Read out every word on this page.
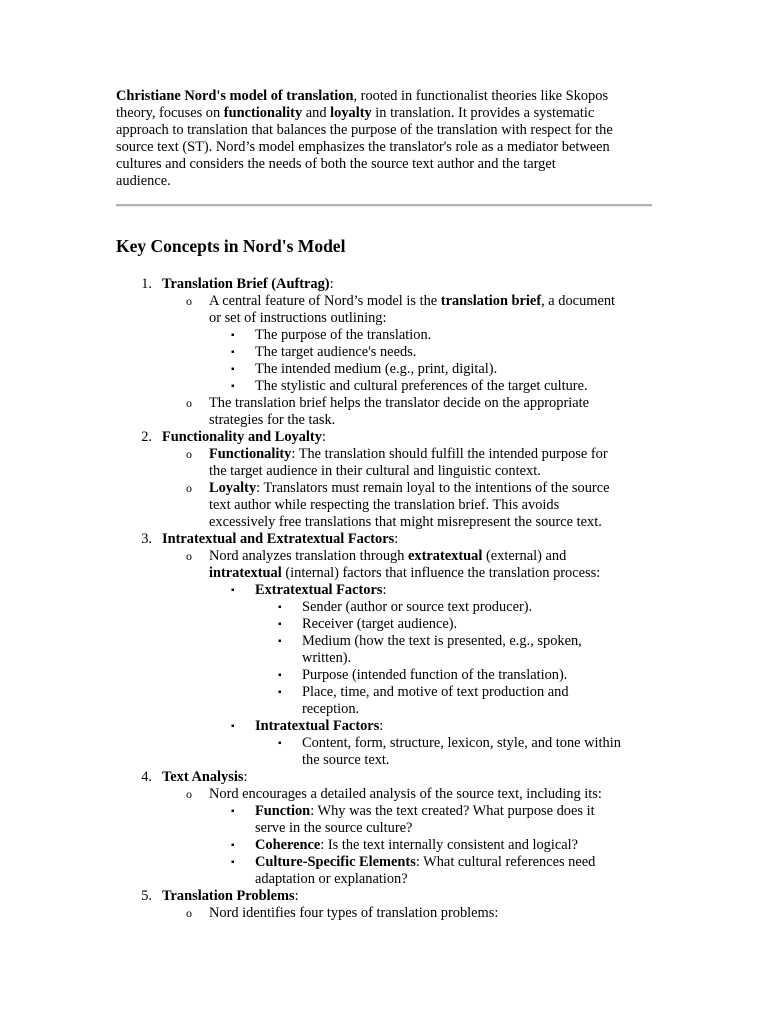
Christiane Nord's model of translation, rooted in functionalist theories like Skopos
theory, focuses on functionality and loyalty in translation. It provides a systematic
approach to translation that balances the purpose of the translation with respect for the
source text (ST). Nord’s model emphasizes the translator's role as a mediator between
cultures and considers the needs of both the source text author and the target
audience.
Key Concepts in Nord's Model
1. Translation Brief (Auftrag):
o A central feature of Nord’s model is the translation brief, a document
or set of instructions outlining:
▪ The purpose of the translation.
▪ The target audience's needs.
▪ The intended medium (e.g., print, digital).
▪ The stylistic and cultural preferences of the target culture.
o The translation brief helps the translator decide on the appropriate
strategies for the task.
2. Functionality and Loyalty:
o Functionality: The translation should fulfill the intended purpose for
the target audience in their cultural and linguistic context.
o Loyalty: Translators must remain loyal to the intentions of the source
text author while respecting the translation brief. This avoids
excessively free translations that might misrepresent the source text.
3. Intratextual and Extratextual Factors:
o Nord analyzes translation through extratextual (external) and
intratextual (internal) factors that influence the translation process:
▪ Extratextual Factors:
▪ Sender (author or source text producer).
▪ Receiver (target audience).
▪ Medium (how the text is presented, e.g., spoken,
written).
▪ Purpose (intended function of the translation).
▪ Place, time, and motive of text production and
reception.
▪ Intratextual Factors:
▪ Content, form, structure, lexicon, style, and tone within
the source text.
4. Text Analysis:
o Nord encourages a detailed analysis of the source text, including its:
▪ Function: Why was the text created? What purpose does it
serve in the source culture?
▪ Coherence: Is the text internally consistent and logical?
▪ Culture-Specific Elements: What cultural references need
adaptation or explanation?
5. Translation Problems:
o Nord identifies four types of translation problems:
